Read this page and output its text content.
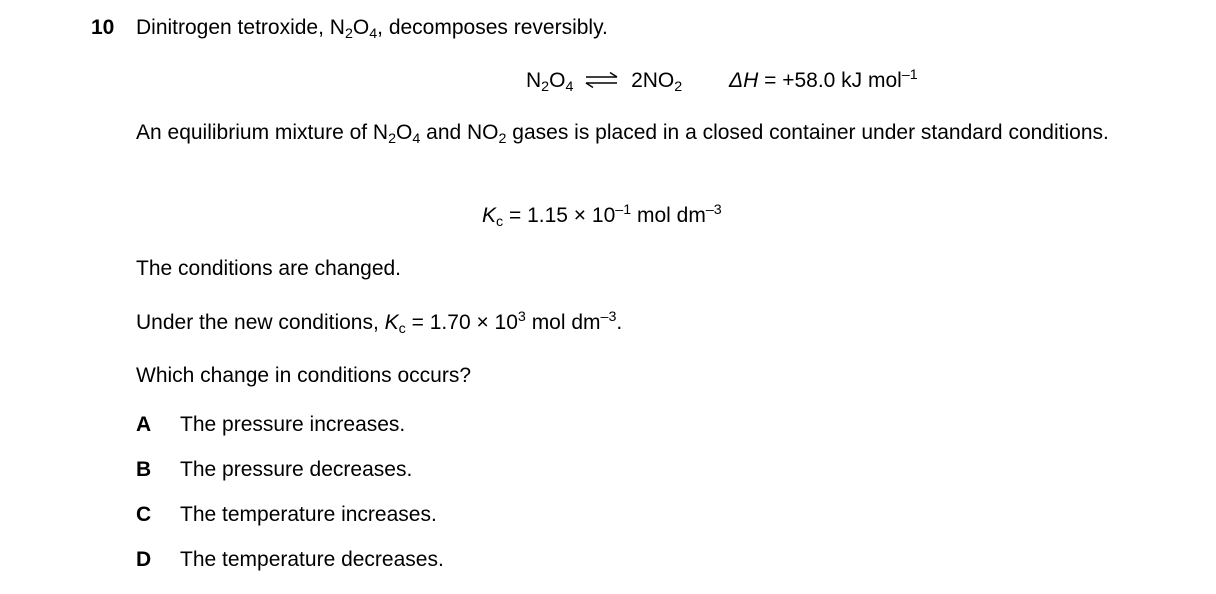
10 Dinitrogen tetroxide, $N_2O_4$, decomposes reversibly.
$N_2O_4$ ⇌ $2NO_2$ ΔH = +58.0 kJ mol$^{-1}$
An equilibrium mixture of $N_2O_4$ and $NO_2$ gases is placed in a closed container under standard conditions.
$K_c = 1.15 \times 10^{-1}$ mol $dm^{-3}$
The conditions are changed.
Under the new conditions, $K_c = 1.70 \times 10^3$ mol $dm^{-3}$.
Which change in conditions occurs?
A The pressure increases.
B The pressure decreases.
C The temperature increases.
D The temperature decreases.
